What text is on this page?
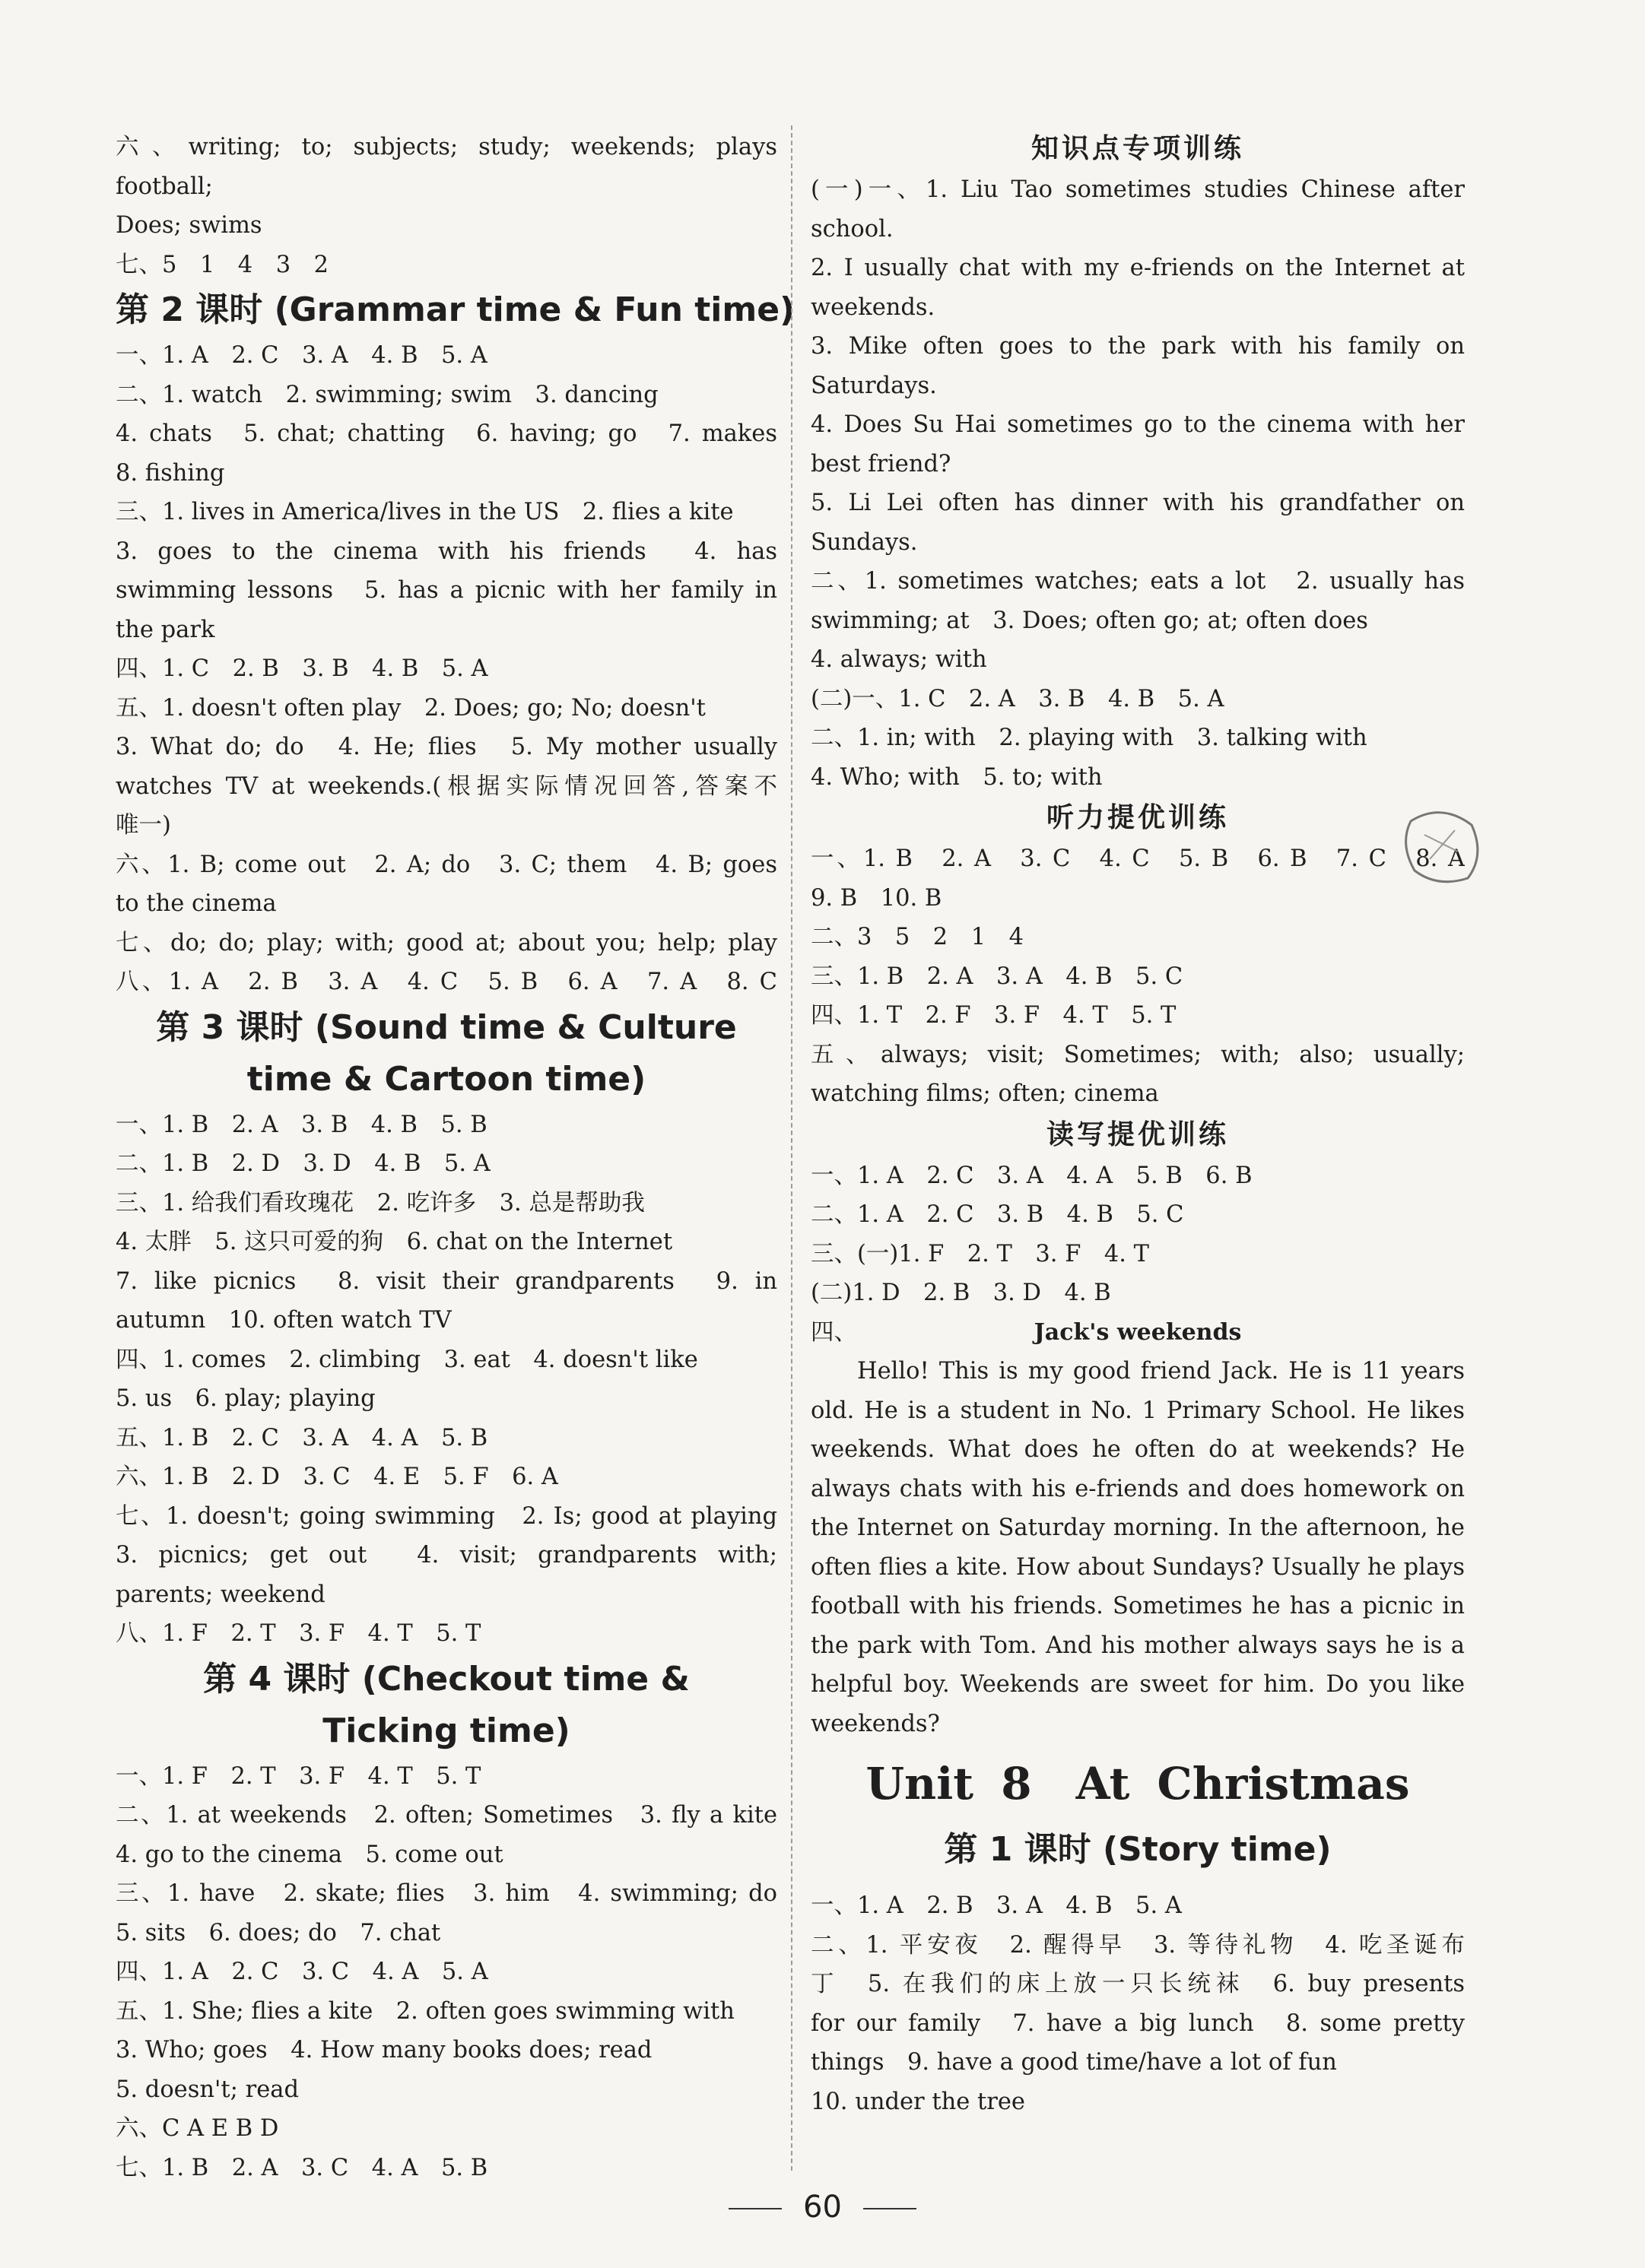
六、writing; to; subjects; study; weekends; plays football;
Does; swims
七、5　1　4　3　2
第 2 课时 (Grammar time & Fun time)
一、1. A　2. C　3. A　4. B　5. A
二、1. watch　2. swimming; swim　3. dancing
4. chats　5. chat; chatting　6. having; go　7. makes
8. fishing
三、1. lives in America/lives in the US　2. flies a kite
3. goes to the cinema with his friends　4. has
swimming lessons　5. has a picnic with her family in
the park
四、1. C　2. B　3. B　4. B　5. A
五、1. doesn't often play　2. Does; go; No; doesn't
3. What do; do　4. He; flies　5. My mother usually
watches TV at weekends.(根据实际情况回答,答案不
唯一)
六、1. B; come out　2. A; do　3. C; them　4. B; goes
to the cinema
七、do; do; play; with; good at; about you; help; play
八、1. A　2. B　3. A　4. C　5. B　6. A　7. A　8. C
第 3 课时 (Sound time & Culture
time & Cartoon time)
一、1. B　2. A　3. B　4. B　5. B
二、1. B　2. D　3. D　4. B　5. A
三、1. 给我们看玫瑰花　2. 吃许多　3. 总是帮助我
4. 太胖　5. 这只可爱的狗　6. chat on the Internet
7. like picnics　8. visit their grandparents　9. in
autumn　10. often watch TV
四、1. comes　2. climbing　3. eat　4. doesn't like
5. us　6. play; playing
五、1. B　2. C　3. A　4. A　5. B
六、1. B　2. D　3. C　4. E　5. F　6. A
七、1. doesn't; going swimming　2. Is; good at playing
3. picnics; get out　4. visit; grandparents with;
parents; weekend
八、1. F　2. T　3. F　4. T　5. T
第 4 课时 (Checkout time &
Ticking time)
一、1. F　2. T　3. F　4. T　5. T
二、1. at weekends　2. often; Sometimes　3. fly a kite
4. go to the cinema　5. come out
三、1. have　2. skate; flies　3. him　4. swimming; do
5. sits　6. does; do　7. chat
四、1. A　2. C　3. C　4. A　5. A
五、1. She; flies a kite　2. often goes swimming with
3. Who; goes　4. How many books does; read
5. doesn't; read
六、C A E B D
七、1. B　2. A　3. C　4. A　5. B
知识点专项训练
(一)一、1. Liu Tao sometimes studies Chinese after
school.
2. I usually chat with my e-friends on the Internet at
weekends.
3. Mike often goes to the park with his family on
Saturdays.
4. Does Su Hai sometimes go to the cinema with her
best friend?
5. Li Lei often has dinner with his grandfather on Sundays.
二、1. sometimes watches; eats a lot　2. usually has
swimming; at　3. Does; often go; at; often does
4. always; with
(二)一、1. C　2. A　3. B　4. B　5. A
二、1. in; with　2. playing with　3. talking with
4. Who; with　5. to; with
听力提优训练
一、1. B　2. A　3. C　4. C　5. B　6. B　7. C　8. A
9. B　10. B
二、3　5　2　1　4
三、1. B　2. A　3. A　4. B　5. C
四、1. T　2. F　3. F　4. T　5. T
五、always; visit; Sometimes; with; also; usually;
watching films; often; cinema
读写提优训练
一、1. A　2. C　3. A　4. A　5. B　6. B
二、1. A　2. C　3. B　4. B　5. C
三、(一)1. F　2. T　3. F　4. T
(二)1. D　2. B　3. D　4. B
四、	Jack's weekends
Hello! This is my good friend Jack. He is 11 years old. He is a student in No. 1 Primary School. He likes weekends. What does he often do at weekends? He always chats with his e-friends and does homework on the Internet on Saturday morning. In the afternoon, he often flies a kite. How about Sundays? Usually he plays football with his friends. Sometimes he has a picnic in the park with Tom. And his mother always says he is a helpful boy. Weekends are sweet for him. Do you like weekends?
Unit 8　At Christmas
第 1 课时 (Story time)
一、1. A　2. B　3. A　4. B　5. A
二、1. 平安夜　2. 醒得早　3. 等待礼物　4. 吃圣诞布
丁　5. 在我们的床上放一只长统袜　6. buy presents
for our family　7. have a big lunch　8. some pretty
things　9. have a good time/have a lot of fun
10. under the tree
60
